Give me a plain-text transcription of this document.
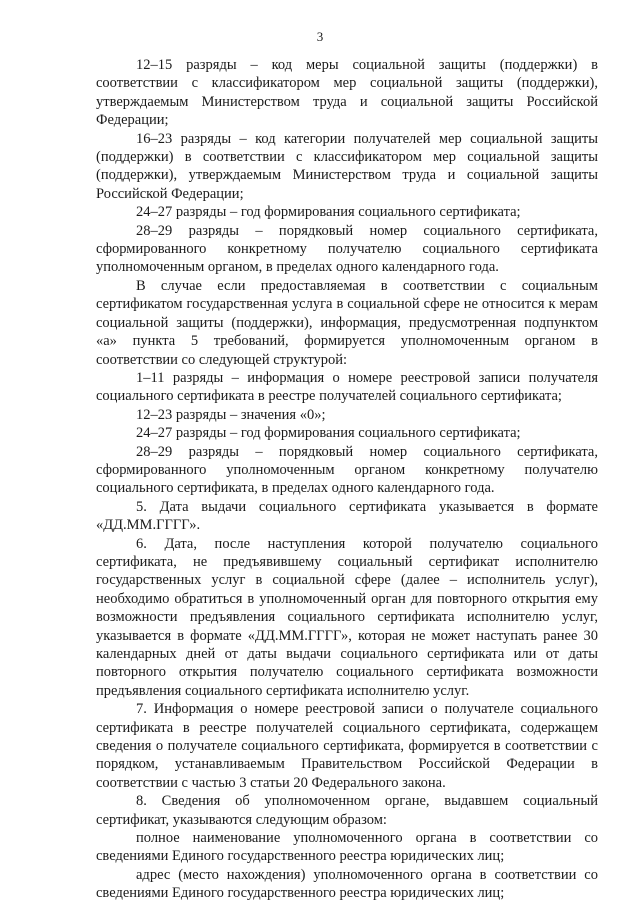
3

12–15 разряды – код меры социальной защиты (поддержки) в соответствии с классификатором мер социальной защиты (поддержки), утверждаемым Министерством труда и социальной защиты Российской Федерации;

16–23 разряды – код категории получателей мер социальной защиты (поддержки) в соответствии с классификатором мер социальной защиты (поддержки), утверждаемым Министерством труда и социальной защиты Российской Федерации;

24–27 разряды – год формирования социального сертификата;

28–29 разряды – порядковый номер социального сертификата, сформированного конкретному получателю социального сертификата уполномоченным органом, в пределах одного календарного года.

В случае если предоставляемая в соответствии с социальным сертификатом государственная услуга в социальной сфере не относится к мерам социальной защиты (поддержки), информация, предусмотренная подпунктом «а» пункта 5 требований, формируется уполномоченным органом в соответствии со следующей структурой:

1–11 разряды – информация о номере реестровой записи получателя социального сертификата в реестре получателей социального сертификата;

12–23 разряды – значения «0»;

24–27 разряды – год формирования социального сертификата;

28–29 разряды – порядковый номер социального сертификата, сформированного уполномоченным органом конкретному получателю социального сертификата, в пределах одного календарного года.

5. Дата выдачи социального сертификата указывается в формате «ДД.ММ.ГГГГ».

6. Дата, после наступления которой получателю социального сертификата, не предъявившему социальный сертификат исполнителю государственных услуг в социальной сфере (далее – исполнитель услуг), необходимо обратиться в уполномоченный орган для повторного открытия ему возможности предъявления социального сертификата исполнителю услуг, указывается в формате «ДД.ММ.ГГГГ», которая не может наступать ранее 30 календарных дней от даты выдачи социального сертификата или от даты повторного открытия получателю социального сертификата возможности предъявления социального сертификата исполнителю услуг.

7. Информация о номере реестровой записи о получателе социального сертификата в реестре получателей социального сертификата, содержащем сведения о получателе социального сертификата, формируется в соответствии с порядком, устанавливаемым Правительством Российской Федерации в соответствии с частью 3 статьи 20 Федерального закона.

8. Сведения об уполномоченном органе, выдавшем социальный сертификат, указываются следующим образом:

полное наименование уполномоченного органа в соответствии со сведениями Единого государственного реестра юридических лиц;

адрес (место нахождения) уполномоченного органа в соответствии со сведениями Единого государственного реестра юридических лиц;
